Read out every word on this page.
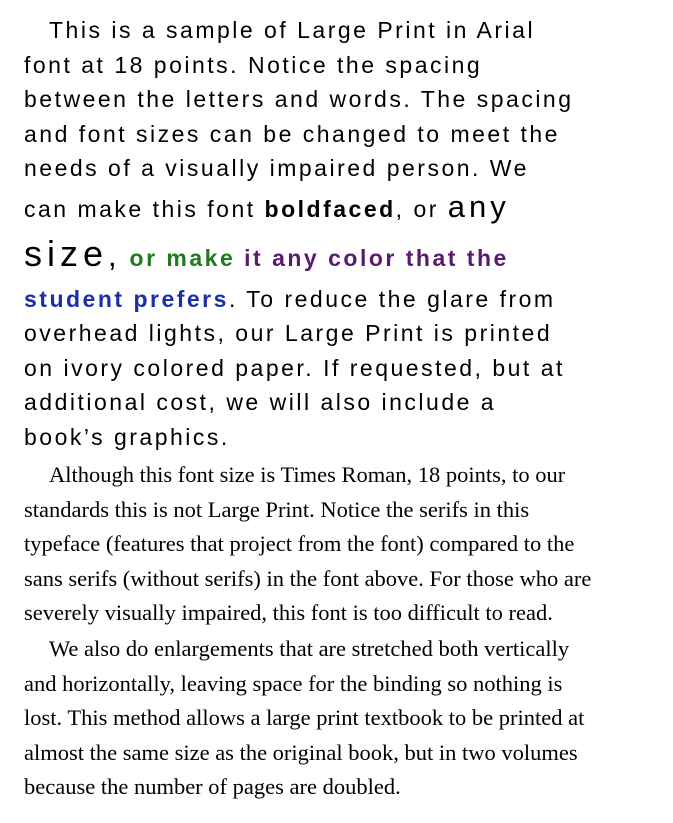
This is a sample of Large Print in Arial
font at 18 points. Notice the spacing
between the letters and words. The spacing
and font sizes can be changed to meet the
needs of a visually impaired person. We
can make this font boldfaced, or any
size, or make it any color that the
student prefers. To reduce the glare from
overhead lights, our Large Print is printed
on ivory colored paper. If requested, but at
additional cost, we will also include a
book’s graphics.
Although this font size is Times Roman, 18 points, to our
standards this is not Large Print. Notice the serifs in this
typeface (features that project from the font) compared to the
sans serifs (without serifs) in the font above. For those who are
severely visually impaired, this font is too difficult to read.
We also do enlargements that are stretched both vertically
and horizontally, leaving space for the binding so nothing is
lost. This method allows a large print textbook to be printed at
almost the same size as the original book, but in two volumes
because the number of pages are doubled.
